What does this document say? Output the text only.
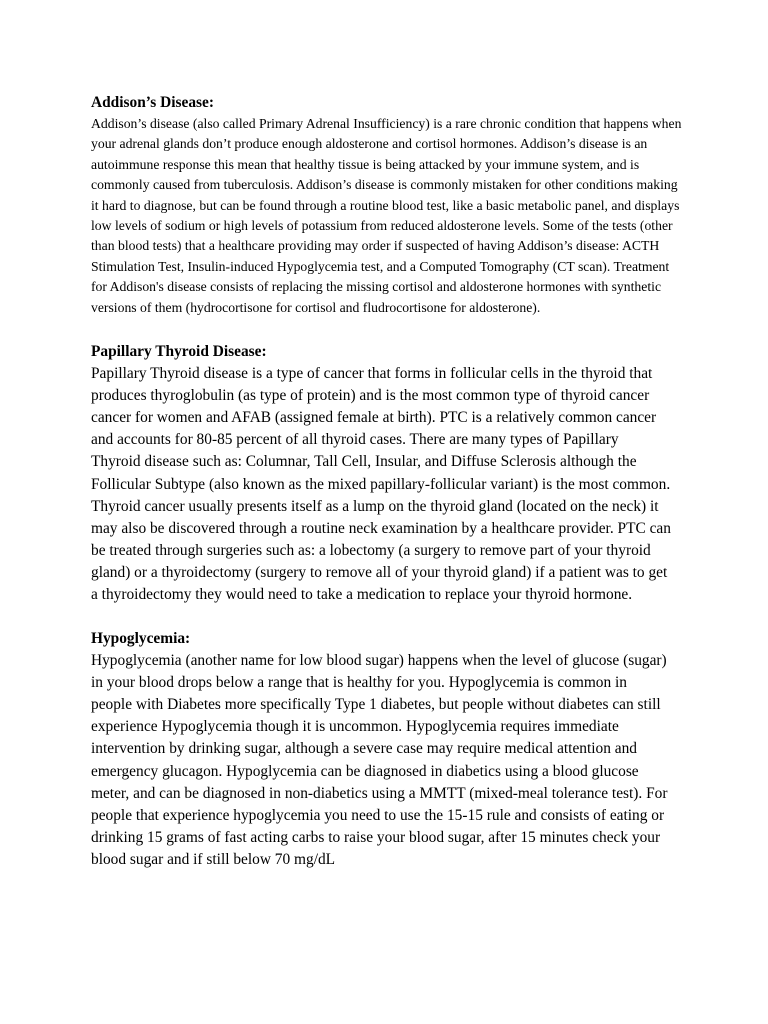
Addison’s Disease:

Addison’s disease (also called Primary Adrenal Insufficiency) is a rare chronic condition that happens when your adrenal glands don’t produce enough aldosterone and cortisol hormones. Addison’s disease is an autoimmune response this mean that healthy tissue is being attacked by your immune system, and is commonly caused from tuberculosis. Addison’s disease is commonly mistaken for other conditions making it hard to diagnose, but can be found through a routine blood test, like a basic metabolic panel, and displays low levels of sodium or high levels of potassium from reduced aldosterone levels. Some of the tests (other than blood tests) that a healthcare providing may order if suspected of having Addison’s disease: ACTH Stimulation Test, Insulin-induced Hypoglycemia test, and a Computed Tomography (CT scan). Treatment for Addison's disease consists of replacing the missing cortisol and aldosterone hormones with synthetic versions of them (hydrocortisone for cortisol and fludrocortisone for aldosterone).

Papillary Thyroid Disease:

Papillary Thyroid disease is a type of cancer that forms in follicular cells in the thyroid that produces thyroglobulin (as type of protein) and is the most common type of thyroid cancer cancer for women and AFAB (assigned female at birth). PTC is a relatively common cancer and accounts for 80-85 percent of all thyroid cases. There are many types of Papillary Thyroid disease such as: Columnar, Tall Cell, Insular, and Diffuse Sclerosis although the Follicular Subtype (also known as the mixed papillary-follicular variant) is the most common. Thyroid cancer usually presents itself as a lump on the thyroid gland (located on the neck) it may also be discovered through a routine neck examination by a healthcare provider. PTC can be treated through surgeries such as: a lobectomy (a surgery to remove part of your thyroid gland) or a thyroidectomy (surgery to remove all of your thyroid gland) if a patient was to get a thyroidectomy they would need to take a medication to replace your thyroid hormone.

Hypoglycemia:

Hypoglycemia (another name for low blood sugar) happens when the level of glucose (sugar) in your blood drops below a range that is healthy for you. Hypoglycemia is common in people with Diabetes more specifically Type 1 diabetes, but people without diabetes can still experience Hypoglycemia though it is uncommon. Hypoglycemia requires immediate intervention by drinking sugar, although a severe case may require medical attention and emergency glucagon. Hypoglycemia can be diagnosed in diabetics using a blood glucose meter, and can be diagnosed in non-diabetics using a MMTT (mixed-meal tolerance test). For people that experience hypoglycemia you need to use the 15-15 rule and consists of eating or drinking 15 grams of fast acting carbs to raise your blood sugar, after 15 minutes check your blood sugar and if still below 70 mg/dL
